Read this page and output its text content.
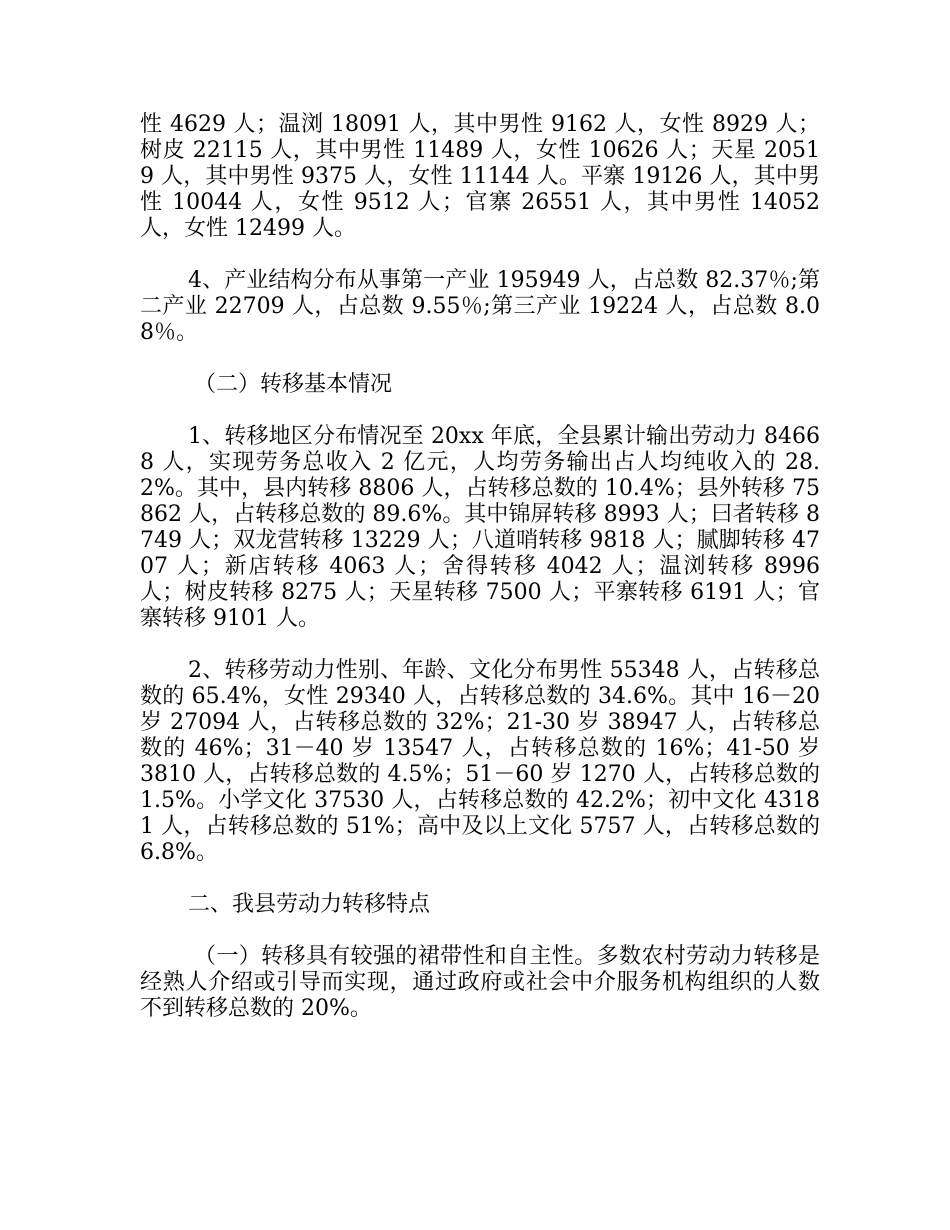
性 4629 人；温浏 18091 人，其中男性 9162 人，女性 8929 人；树皮 22115 人，其中男性 11489 人，女性 10626 人；天星 20519 人，其中男性 9375 人，女性 11144 人。平寨 19126 人，其中男性 10044 人，女性 9512 人；官寨 26551 人，其中男性 14052 人，女性 12499 人。

4、产业结构分布从事第一产业 195949 人，占总数 82.37％;第二产业 22709 人，占总数 9.55％;第三产业 19224 人，占总数 8.08％。

（二）转移基本情况

1、转移地区分布情况至 20xx 年底，全县累计输出劳动力 84668 人，实现劳务总收入 2 亿元，人均劳务输出占人均纯收入的 28.2%。其中，县内转移 8806 人，占转移总数的 10.4%；县外转移 75862 人，占转移总数的 89.6%。其中锦屏转移 8993 人；曰者转移 8749 人；双龙营转移 13229 人；八道哨转移 9818 人；腻脚转移 4707 人；新店转移 4063 人；舍得转移 4042 人；温浏转移 8996 人；树皮转移 8275 人；天星转移 7500 人；平寨转移 6191 人；官寨转移 9101 人。

2、转移劳动力性别、年龄、文化分布男性 55348 人，占转移总数的 65.4%，女性 29340 人，占转移总数的 34.6%。其中 16－20 岁 27094 人，占转移总数的 32%；21-30 岁 38947 人，占转移总数的 46%；31－40 岁 13547 人，占转移总数的 16%；41-50 岁 3810 人，占转移总数的 4.5%；51－60 岁 1270 人，占转移总数的 1.5%。小学文化 37530 人，占转移总数的 42.2%；初中文化 43181 人，占转移总数的 51%；高中及以上文化 5757 人，占转移总数的 6.8%。

二、我县劳动力转移特点

（一）转移具有较强的裙带性和自主性。多数农村劳动力转移是经熟人介绍或引导而实现，通过政府或社会中介服务机构组织的人数不到转移总数的 20%。
